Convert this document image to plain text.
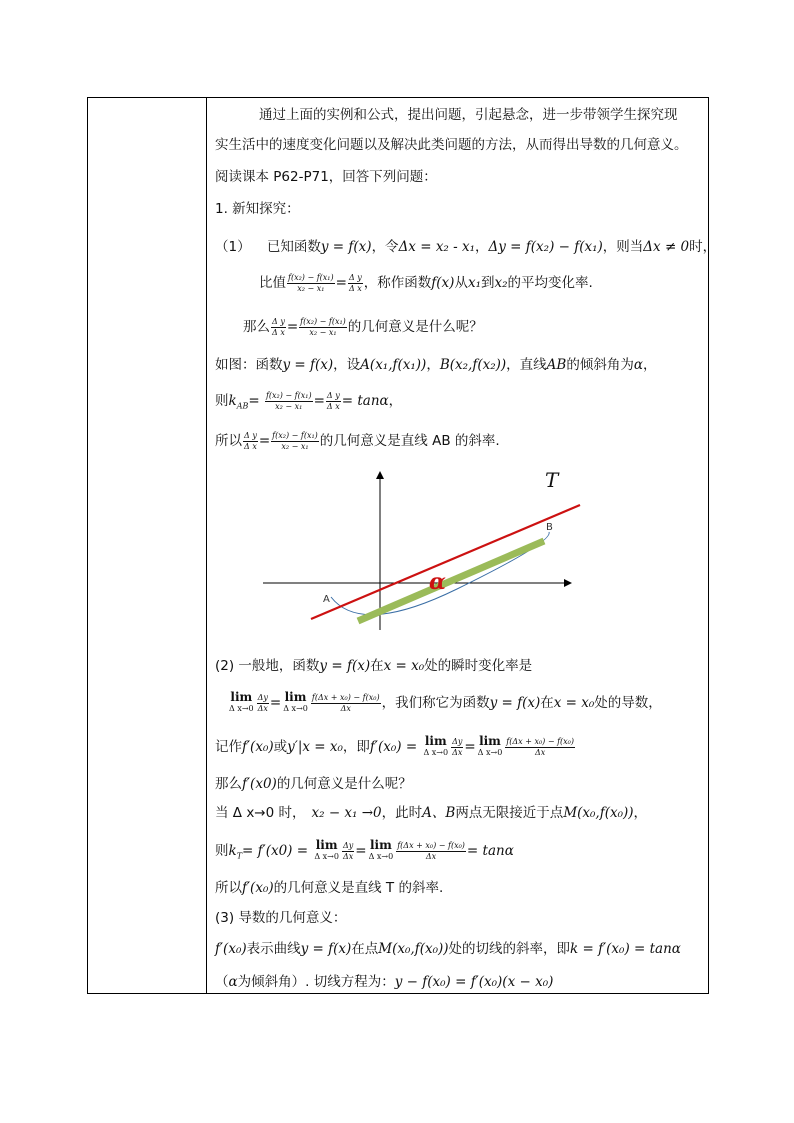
通过上面的实例和公式，提出问题，引起悬念，进一步带领学生探究现
实生活中的速度变化问题以及解决此类问题的方法，从而得出导数的几何意义。
阅读课本 P62-P71，回答下列问题：
1. 新知探究：
（1） 已知函数y = f(x)，令Δx = x₂ - x₁，Δy = f(x₂) − f(x₁)，则当Δx ≠ 0时，
比值 $\frac{\text{f(x₂) − f(x₁)}}{\text{x₂ − x₁}} = \frac{\text{Δ y}}{\text{Δ x}}$ ，称作函数f(x)从x₁到x₂的平均变化率.
那么 $\frac{\text{Δ y}}{\text{Δ x}} = \frac{\text{f(x₂) − f(x₁)}}{\text{x₂ − x₁}}$ 的几何意义是什么呢？
如图：函数y = f(x)，设A(x₁,f(x₁))，B(x₂,f(x₂))，直线AB的倾斜角为α，
则$k_{AB}= \frac{\text{f(x₂) − f(x₁)}}{\text{x₂ − x₁}} = \frac{\text{Δ y}}{\text{Δ x}} = \tan\alpha$，
所以 $\frac{\text{Δ y}}{\text{Δ x}} = \frac{\text{f(x₂) − f(x₁)}}{\text{x₂ − x₁}}$ 的几何意义是直线 AB 的斜率.
(2) 一般地，函数y = f(x)在x = x₀处的瞬时变化率是
lim
Δ $x\to 0 \frac{\Delta y}{\Delta x} = \lim$
Δ $x\to 0 \frac{\text{f(Δx + x₀) − f(x₀)}}{\Delta x}$ ，我们称它为函数y = f(x)在x = x₀处的导数，
记作f′(x₀)或y′|x = x₀，即f′(x₀) = lim
Δ $x\to 0 \frac{\Delta y}{\Delta x} = \lim$
Δ $x\to 0 \frac{\text{f(Δx + x₀) − f(x₀)}}{\Delta x}$
那么f′(x0)的几何意义是什么呢？
当 Δ x→0 时， x₂ − x₁ →0，此时A、B两点无限接近于点M(x₀,f(x₀))，
则$k_T= f'(x0) = \lim$
Δ $x\to 0 \frac{\Delta y}{\Delta x} = \lim$
Δ $x\to 0 \frac{\text{f(Δx + x₀) − f(x₀)}}{\Delta x} = \tan\alpha$
所以f′(x₀)的几何意义是直线 T 的斜率.
(3) 导数的几何意义：
f′(x₀)表示曲线y = f(x)在点M(x₀,f(x₀))处的切线的斜率，即k = f′(x₀) = tanα
（α为倾斜角）. 切线方程为：y − f(x₀) = f′(x₀)(x − x₀)
T
A
B
α
